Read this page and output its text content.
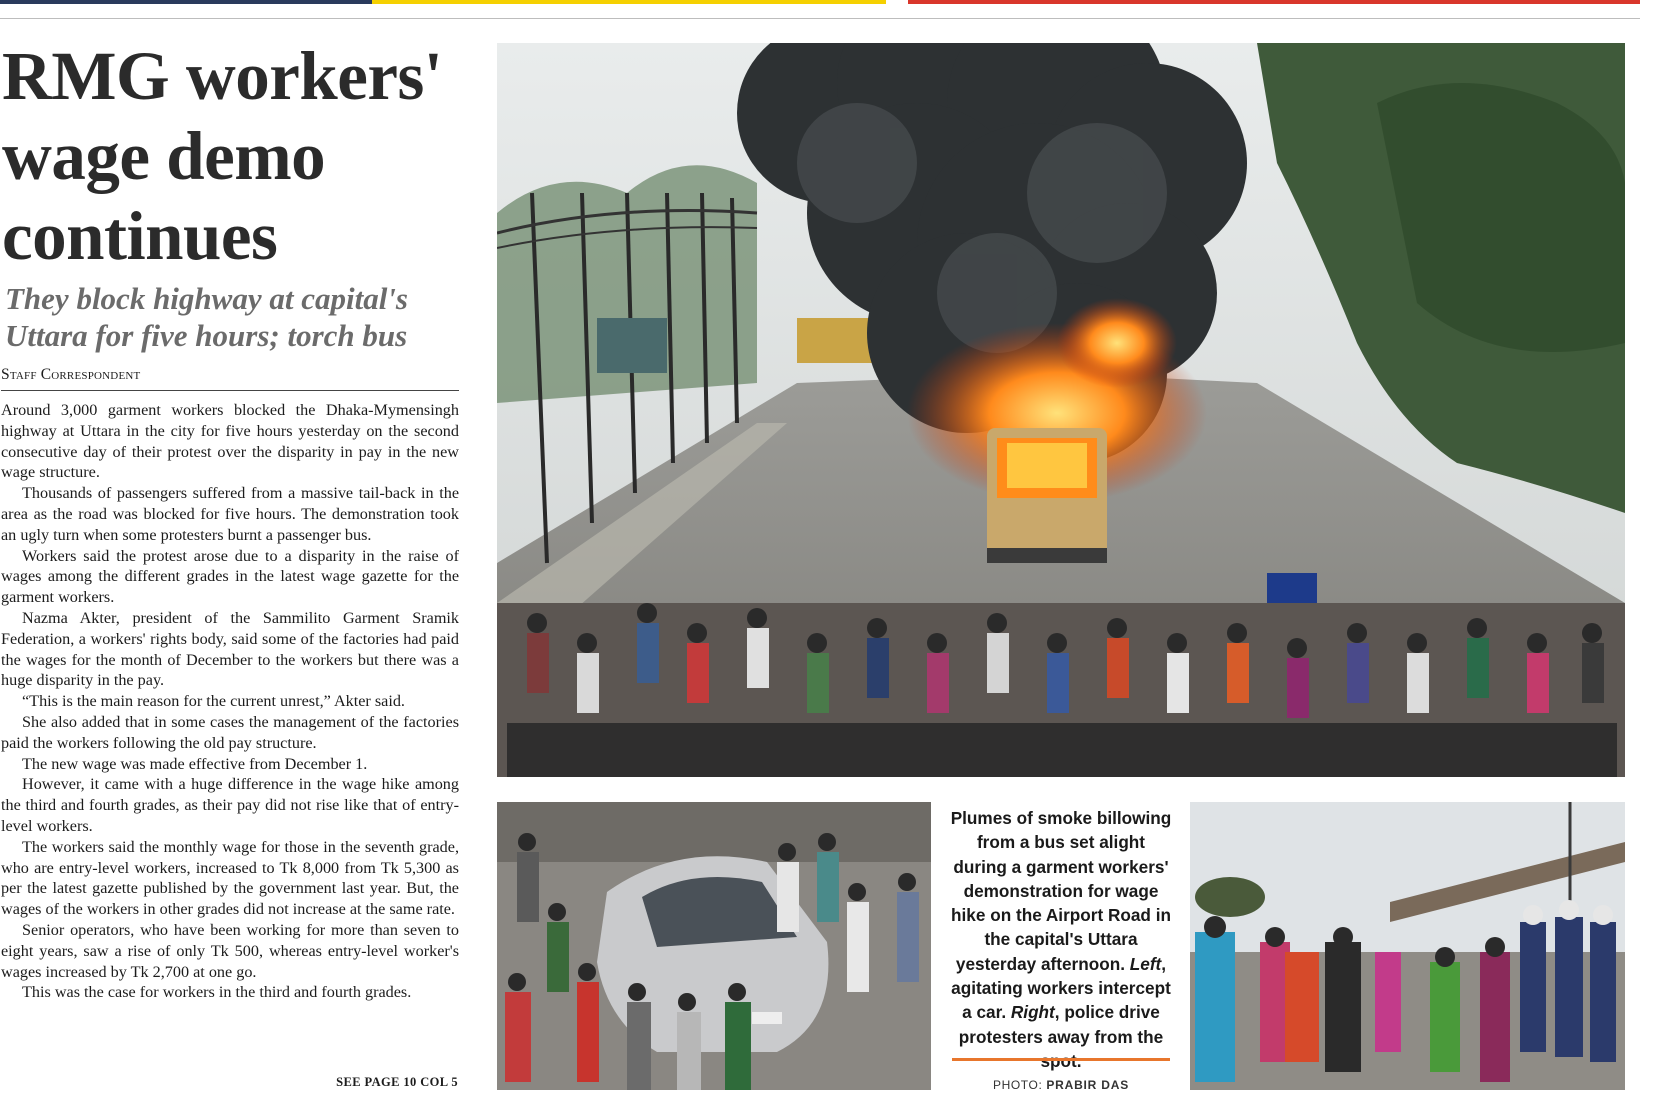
RMG workers' wage demo continues
They block highway at capital's Uttara for five hours; torch bus
Staff Correspondent

Around 3,000 garment workers blocked the Dhaka-Mymensingh highway at Uttara in the city for five hours yesterday on the second consecutive day of their protest over the disparity in pay in the new wage structure.

Thousands of passengers suffered from a massive tail-back in the area as the road was blocked for five hours. The demonstration took an ugly turn when some protesters burnt a passenger bus.

Workers said the protest arose due to a disparity in the raise of wages among the different grades in the latest wage gazette for the garment workers.

Nazma Akter, president of the Sammilito Garment Sramik Federation, a workers' rights body, said some of the factories had paid the wages for the month of December to the workers but there was a huge disparity in the pay.

“This is the main reason for the current unrest,” Akter said.

She also added that in some cases the management of the factories paid the workers following the old pay structure.

The new wage was made effective from December 1.

However, it came with a huge difference in the wage hike among the third and fourth grades, as their pay did not rise like that of entry-level workers.

The workers said the monthly wage for those in the seventh grade, who are entry-level workers, increased to Tk 8,000 from Tk 5,300 as per the latest gazette published by the government last year. But, the wages of the workers in other grades did not increase at the same rate.

Senior operators, who have been working for more than seven to eight years, saw a rise of only Tk 500, whereas entry-level worker's wages increased by Tk 2,700 at one go.

This was the case for workers in the third and fourth grades.

SEE PAGE 10 COL 5

Plumes of smoke billowing from a bus set alight during a garment workers' demonstration for wage hike on the Airport Road in the capital's Uttara yesterday afternoon. Left, agitating workers intercept a car. Right, police drive protesters away from the

PHOTO: PRABIR DAS
